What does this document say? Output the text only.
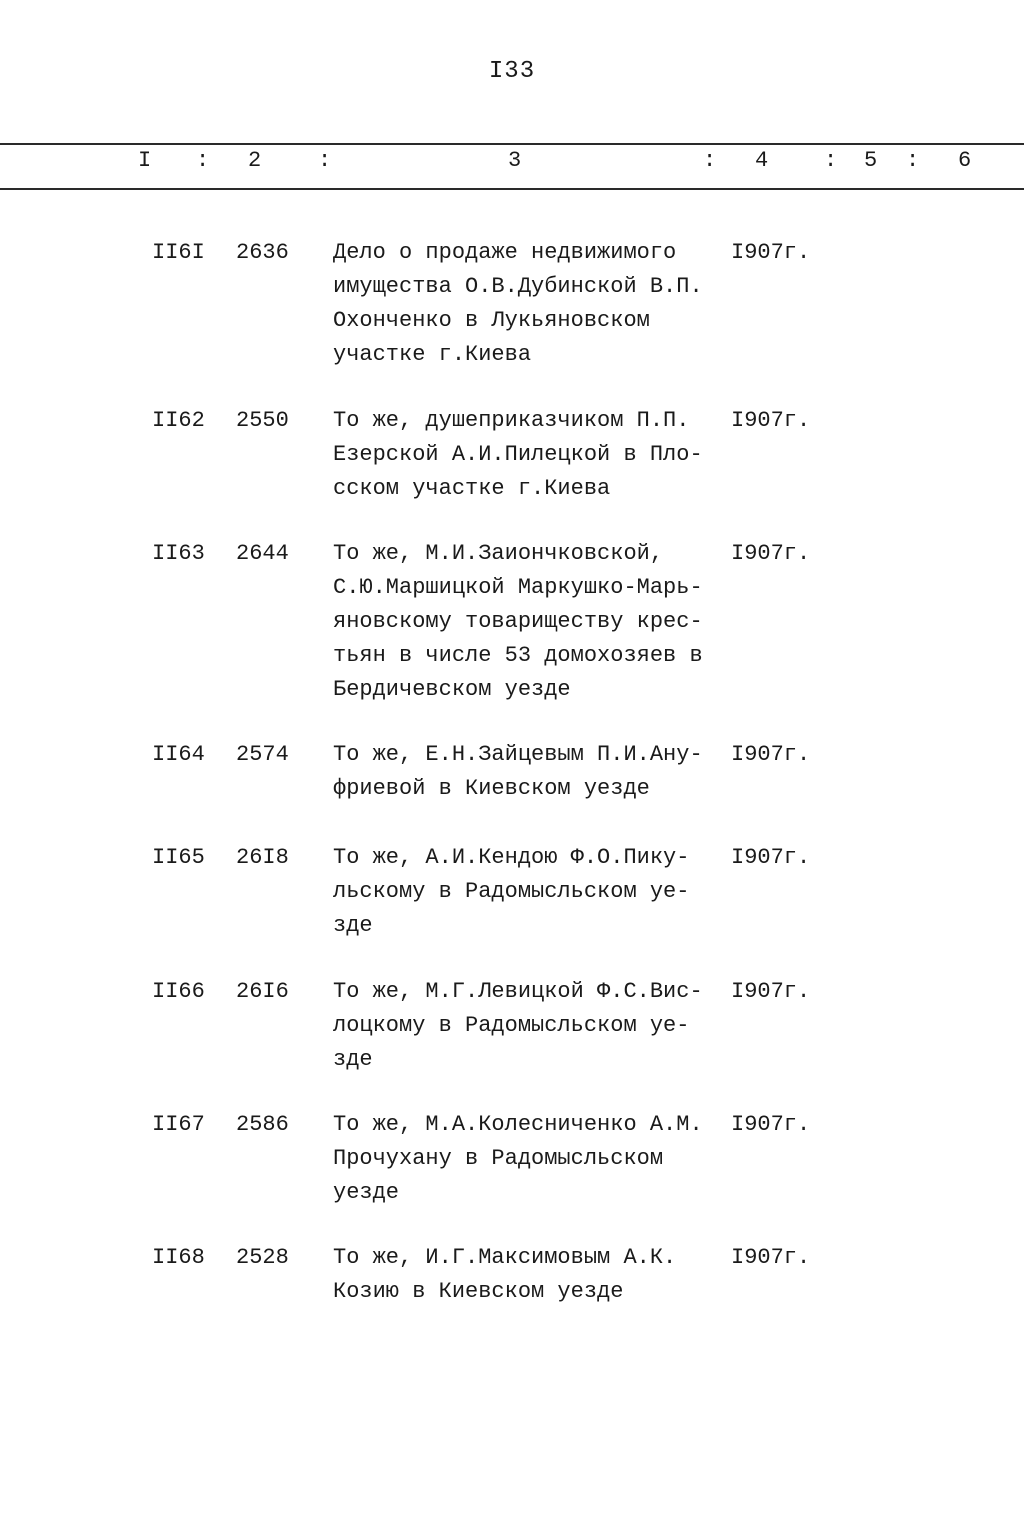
I33
I : 2	:	3	: 4	: 5 : 6
II6I 2636 Дело о продаже недвижимого
имущества О.В.Дубинской В.П.
Охонченко в Лукьяновском
участке г.Киева
I907г.
II62 2550 То же, душеприказчиком П.П.
Езерской А.И.Пилецкой в Пло-
сском участке г.Киева
I907г.
II63 2644 То же, М.И.Заиончковской,
С.Ю.Маршицкой Маркушко-Марь-
яновскому товариществу крес-
тьян в числе 53 домохозяев в
Бердичевском уезде
I907г.
II64 2574 То же, Е.Н.Зайцевым П.И.Ану-
фриевой в Киевском уезде
I907г.
II65 26I8 То же, А.И.Кендою Ф.О.Пику-
льскому в Радомысльском уе-
зде
I907г.
II66 26I6 То же, М.Г.Левицкой Ф.С.Вис-
лоцкому в Радомысльском уе-
зде
I907г.
II67 2586 То же, М.А.Колесниченко А.М.
Прочухану в Радомысльском
уезде
I907г.
II68 2528 То же, И.Г.Максимовым А.К.
Козию в Киевском уезде
I907г.
